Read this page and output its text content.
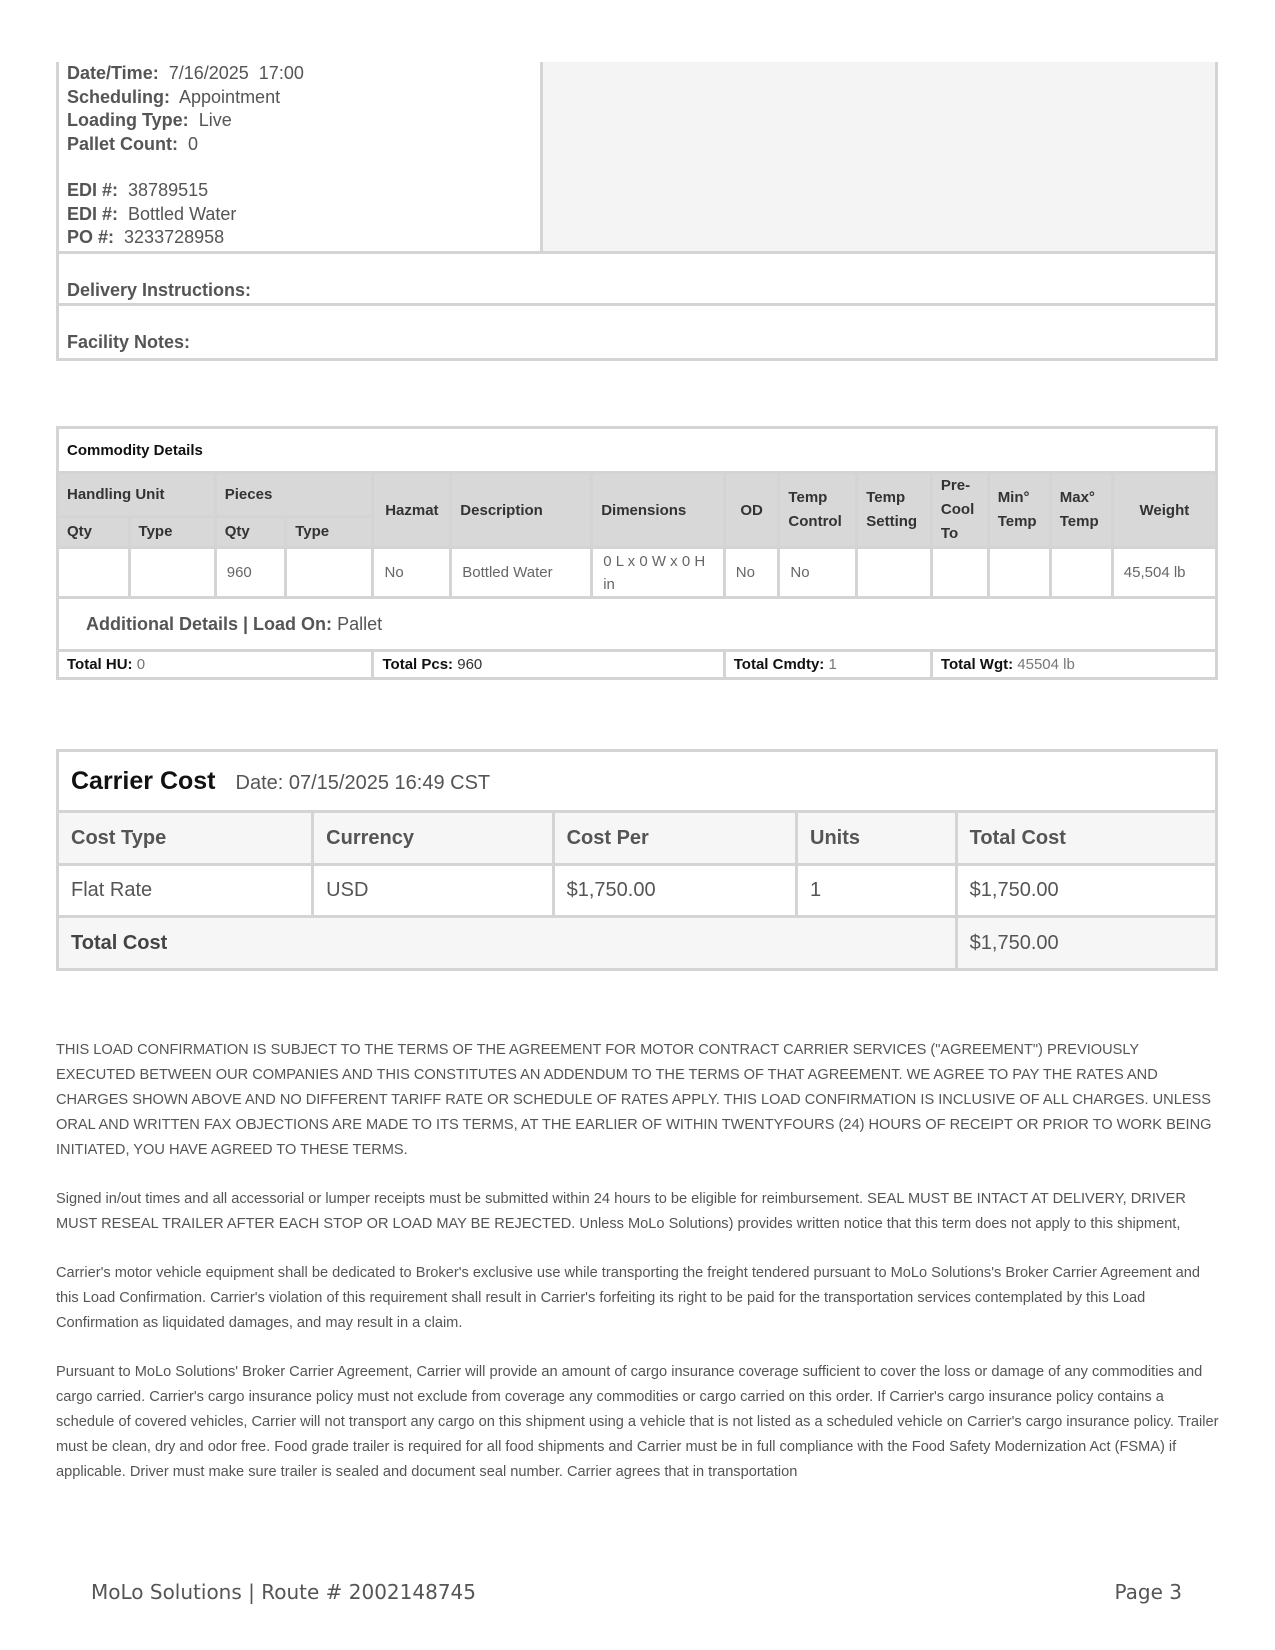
Date/Time: 7/16/2025  17:00
Scheduling: Appointment
Loading Type: Live
Pallet Count: 0
EDI #: 38789515
EDI #: Bottled Water
PO #: 3233728958
Delivery Instructions:
Facility Notes:
Commodity Details													
Handling Unit		Pieces		Hazmat	Description	Dimensions	OD	Temp Control	Temp Setting	Pre-Cool To	Min° Temp	Max° Temp	Weight
Qty	Type	Qty	Type										
		960		No	Bottled Water	0 L x 0 W x 0 H in	No	No					45,504 lb
Additional Details | Load On: Pallet													
Total HU: 0				Total Pcs: 960			Total Cmdty: 1			Total Wgt: 45504 lb			
Carrier Cost Date: 07/15/2025 16:49 CST				
Cost Type	Currency	Cost Per	Units	Total Cost
Flat Rate	USD	$1,750.00	1	$1,750.00
Total Cost				$1,750.00

THIS LOAD CONFIRMATION IS SUBJECT TO THE TERMS OF THE AGREEMENT FOR MOTOR CONTRACT CARRIER SERVICES ("AGREEMENT") PREVIOUSLY EXECUTED BETWEEN OUR COMPANIES AND THIS CONSTITUTES AN ADDENDUM TO THE TERMS OF THAT AGREEMENT. WE AGREE TO PAY THE RATES AND CHARGES SHOWN ABOVE AND NO DIFFERENT TARIFF RATE OR SCHEDULE OF RATES APPLY. THIS LOAD CONFIRMATION IS INCLUSIVE OF ALL CHARGES. UNLESS ORAL AND WRITTEN FAX OBJECTIONS ARE MADE TO ITS TERMS, AT THE EARLIER OF WITHIN TWENTYFOURS (24) HOURS OF RECEIPT OR PRIOR TO WORK BEING INITIATED, YOU HAVE AGREED TO THESE TERMS.

Signed in/out times and all accessorial or lumper receipts must be submitted within 24 hours to be eligible for reimbursement. SEAL MUST BE INTACT AT DELIVERY, DRIVER MUST RESEAL TRAILER AFTER EACH STOP OR LOAD MAY BE REJECTED. Unless MoLo Solutions) provides written notice that this term does not apply to this shipment,

Carrier's motor vehicle equipment shall be dedicated to Broker's exclusive use while transporting the freight tendered pursuant to MoLo Solutions's Broker Carrier Agreement and this Load Confirmation. Carrier's violation of this requirement shall result in Carrier's forfeiting its right to be paid for the transportation services contemplated by this Load Confirmation as liquidated damages, and may result in a claim.

Pursuant to MoLo Solutions' Broker Carrier Agreement, Carrier will provide an amount of cargo insurance coverage sufficient to cover the loss or damage of any commodities and cargo carried. Carrier's cargo insurance policy must not exclude from coverage any commodities or cargo carried on this order. If Carrier's cargo insurance policy contains a schedule of covered vehicles, Carrier will not transport any cargo on this shipment using a vehicle that is not listed as a scheduled vehicle on Carrier's cargo insurance policy. Trailer must be clean, dry and odor free. Food grade trailer is required for all food shipments and Carrier must be in full compliance with the Food Safety Modernization Act (FSMA) if applicable. Driver must make sure trailer is sealed and document seal number. Carrier agrees that in transportation

MoLo Solutions | Route # 2002148745	Page 3
